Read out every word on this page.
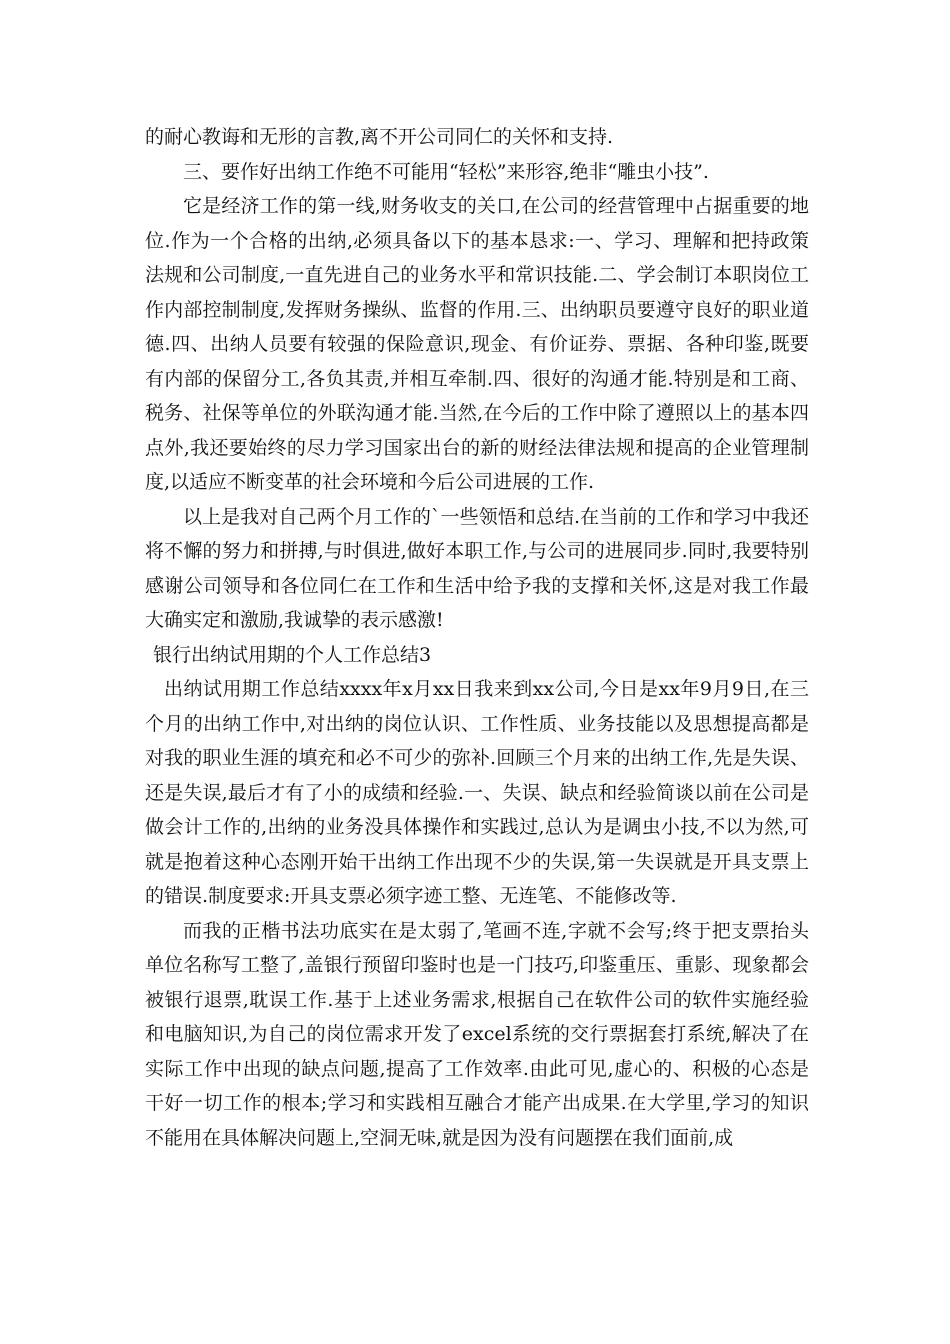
的耐心教诲和无形的言教,离不开公司同仁的关怀和支持.

三、要作好出纳工作绝不可能用“轻松”来形容,绝非“雕虫小技”.

它是经济工作的第一线,财务收支的关口,在公司的经营管理中占据重要的地位.作为一个合格的出纳,必须具备以下的基本恳求:一、学习、理解和把持政策法规和公司制度,一直先进自己的业务水平和常识技能.二、学会制订本职岗位工作内部控制制度,发挥财务操纵、监督的作用.三、出纳职员要遵守良好的职业道德.四、出纳人员要有较强的保险意识,现金、有价证券、票据、各种印鉴,既要有内部的保留分工,各负其责,并相互牵制.四、很好的沟通才能.特别是和工商、税务、社保等单位的外联沟通才能.当然,在今后的工作中除了遵照以上的基本四点外,我还要始终的尽力学习国家出台的新的财经法律法规和提高的企业管理制度,以适应不断变革的社会环境和今后公司进展的工作.

以上是我对自己两个月工作的`一些领悟和总结.在当前的工作和学习中我还将不懈的努力和拼搏,与时俱进,做好本职工作,与公司的进展同步.同时,我要特别感谢公司领导和各位同仁在工作和生活中给予我的支撑和关怀,这是对我工作最大确实定和激励,我诚挚的表示感激!

银行出纳试用期的个人工作总结3

出纳试用期工作总结xxxx年x月xx日我来到xx公司,今日是xx年9月9日,在三个月的出纳工作中,对出纳的岗位认识、工作性质、业务技能以及思想提高都是对我的职业生涯的填充和必不可少的弥补.回顾三个月来的出纳工作,先是失误、还是失误,最后才有了小的成绩和经验.一、失误、缺点和经验简谈以前在公司是做会计工作的,出纳的业务没具体操作和实践过,总认为是调虫小技,不以为然,可就是抱着这种心态刚开始干出纳工作出现不少的失误,第一失误就是开具支票上的错误.制度要求:开具支票必须字迹工整、无连笔、不能修改等.

而我的正楷书法功底实在是太弱了,笔画不连,字就不会写;终于把支票抬头单位名称写工整了,盖银行预留印鉴时也是一门技巧,印鉴重压、重影、现象都会被银行退票,耽误工作.基于上述业务需求,根据自己在软件公司的软件实施经验和电脑知识,为自己的岗位需求开发了excel系统的交行票据套打系统,解决了在实际工作中出现的缺点问题,提高了工作效率.由此可见,虚心的、积极的心态是干好一切工作的根本;学习和实践相互融合才能产出成果.在大学里,学习的知识不能用在具体解决问题上,空洞无味,就是因为没有问题摆在我们面前,成
